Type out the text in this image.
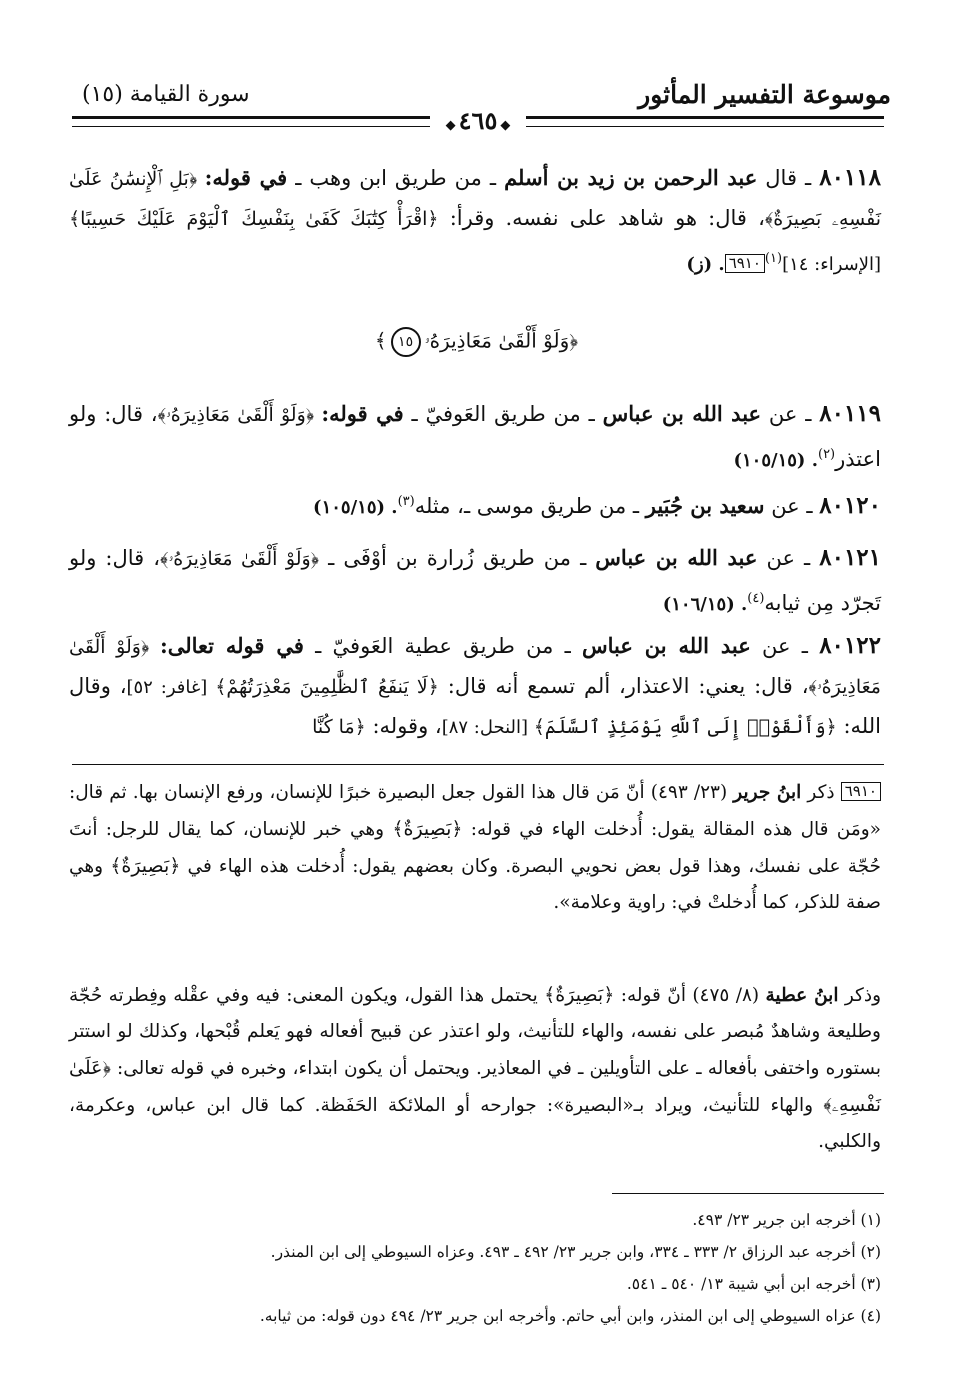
موسوعة التفسير المأثور
سورة القيامة (١٥)
◆٤٦٥◆
٨٠١١٨ ـ قال عبد الرحمن بن زيد بن أسلم ـ من طريق ابن وهب ـ في قوله: ﴿بَلِ ٱلْإِنسَٰنُ عَلَىٰ نَفْسِهِۦ بَصِيرَةٌ﴾، قال: هو شاهد على نفسه. وقرأ: ﴿اقْرَأْ كِتَٰبَكَ كَفَىٰ بِنَفْسِكَ ٱلْيَوْمَ عَلَيْكَ حَسِيبًا﴾ [الإسراء: ١٤]$^{(١)}$٦٩١٠. (ز)
﴿وَلَوْ أَلْقَىٰ مَعَاذِيرَهُۥ١٥﴾
٨٠١١٩ ـ عن عبد الله بن عباس ـ من طريق العَوفيّ ـ في قوله: ﴿وَلَوْ أَلْقَىٰ مَعَاذِيرَهُۥ﴾، قال: ولو اعتذر$^{(٢)}$. (١٠٥/١٥)
٨٠١٢٠ ـ عن سعيد بن جُبَير ـ من طريق موسى ـ، مثله$^{(٣)}$. (١٠٥/١٥)
٨٠١٢١ ـ عن عبد الله بن عباس ـ من طريق زُرارة بن أوْفَى ـ ﴿وَلَوْ أَلْقَىٰ مَعَاذِيرَهُۥ﴾، قال: ولو تَجرّد مِن ثيابه$^{(٤)}$. (١٠٦/١٥)
٨٠١٢٢ ـ عن عبد الله بن عباس ـ من طريق عطية العَوفيّ ـ في قوله تعالى: ﴿وَلَوْ أَلْقَىٰ مَعَاذِيرَهُۥ﴾، قال: يعني: الاعتذار، ألم تسمع أنه قال: ﴿لَا يَنفَعُ ٱلظَّٰلِمِينَ مَعْذِرَتُهُمْ﴾ [غافر: ٥٢]، وقال الله: ﴿وَأَلْقَوْا۟ إِلَى ٱللَّهِ يَوْمَئِذٍ ٱلسَّلَمَ﴾ [النحل: ٨٧]، وقوله: ﴿مَا كُنَّا
٦٩١٠ ذكر ابنُ جرير (٢٣/ ٤٩٣) أنّ مَن قال هذا القول جعل البصيرة خبرًا للإنسان، ورفع الإنسان بها. ثم قال: «ومَن قال هذه المقالة يقول: أُدخلت الهاء في قوله: ﴿بَصِيرَةٌ﴾ وهي خبر للإنسان، كما يقال للرجل: أنتَ حُجّة على نفسك، وهذا قول بعض نحويي البصرة. وكان بعضهم يقول: أُدخلت هذه الهاء في ﴿بَصِيرَةٌ﴾ وهي صفة للذكر، كما أُدخلتْ في: راوية وعلامة».
وذكر ابنُ عطية (٨/ ٤٧٥) أنّ قوله: ﴿بَصِيرَةٌ﴾ يحتمل هذا القول، ويكون المعنى: فيه وفي عقْله وفِطرته حُجّة وطليعة وشاهدٌ مُبصر على نفسه، والهاء للتأنيث، ولو اعتذر عن قبيح أفعاله فهو يَعلم قُبْحها، وكذلك لو استتر بستوره واختفى بأفعاله ـ على التأويلين ـ في المعاذير. ويحتمل أن يكون ابتداء، وخبره في قوله تعالى: ﴿عَلَىٰ نَفْسِهِۦ﴾ والهاء للتأنيث، ويراد بـ«البصيرة»: جوارحه أو الملائكة الحَفَظة. كما قال ابن عباس، وعكرمة، والكلبي.
(١) أخرجه ابن جرير ٢٣/ ٤٩٣.
(٢) أخرجه عبد الرزاق ٢/ ٣٣٣ ـ ٣٣٤، وابن جرير ٢٣/ ٤٩٢ ـ ٤٩٣. وعزاه السيوطي إلى ابن المنذر.
(٣) أخرجه ابن أبي شيبة ١٣/ ٥٤٠ ـ ٥٤١.
(٤) عزاه السيوطي إلى ابن المنذر، وابن أبي حاتم. وأخرجه ابن جرير ٢٣/ ٤٩٤ دون قوله: من ثيابه.
